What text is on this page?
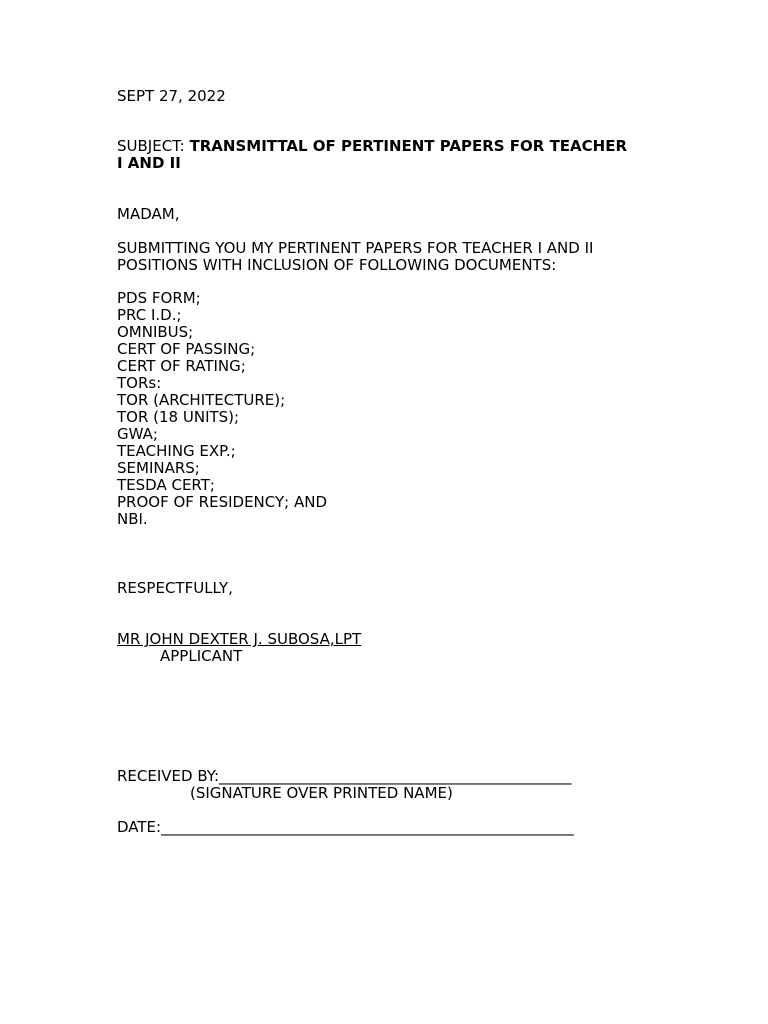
SEPT 27, 2022
SUBJECT: TRANSMITTAL OF PERTINENT PAPERS FOR TEACHER
I AND II
MADAM,
SUBMITTING YOU MY PERTINENT PAPERS FOR TEACHER I AND II
POSITIONS WITH INCLUSION OF FOLLOWING DOCUMENTS:
PDS FORM;
PRC I.D.;
OMNIBUS;
CERT OF PASSING;
CERT OF RATING;
TORs:
TOR (ARCHITECTURE);
TOR (18 UNITS);
GWA;
TEACHING EXP.;
SEMINARS;
TESDA CERT;
PROOF OF RESIDENCY; AND
NBI.
RESPECTFULLY,
MR JOHN DEXTER J. SUBOSA,LPT
APPLICANT
RECEIVED BY:_______________________________________________
(SIGNATURE OVER PRINTED NAME)
DATE:_______________________________________________________
